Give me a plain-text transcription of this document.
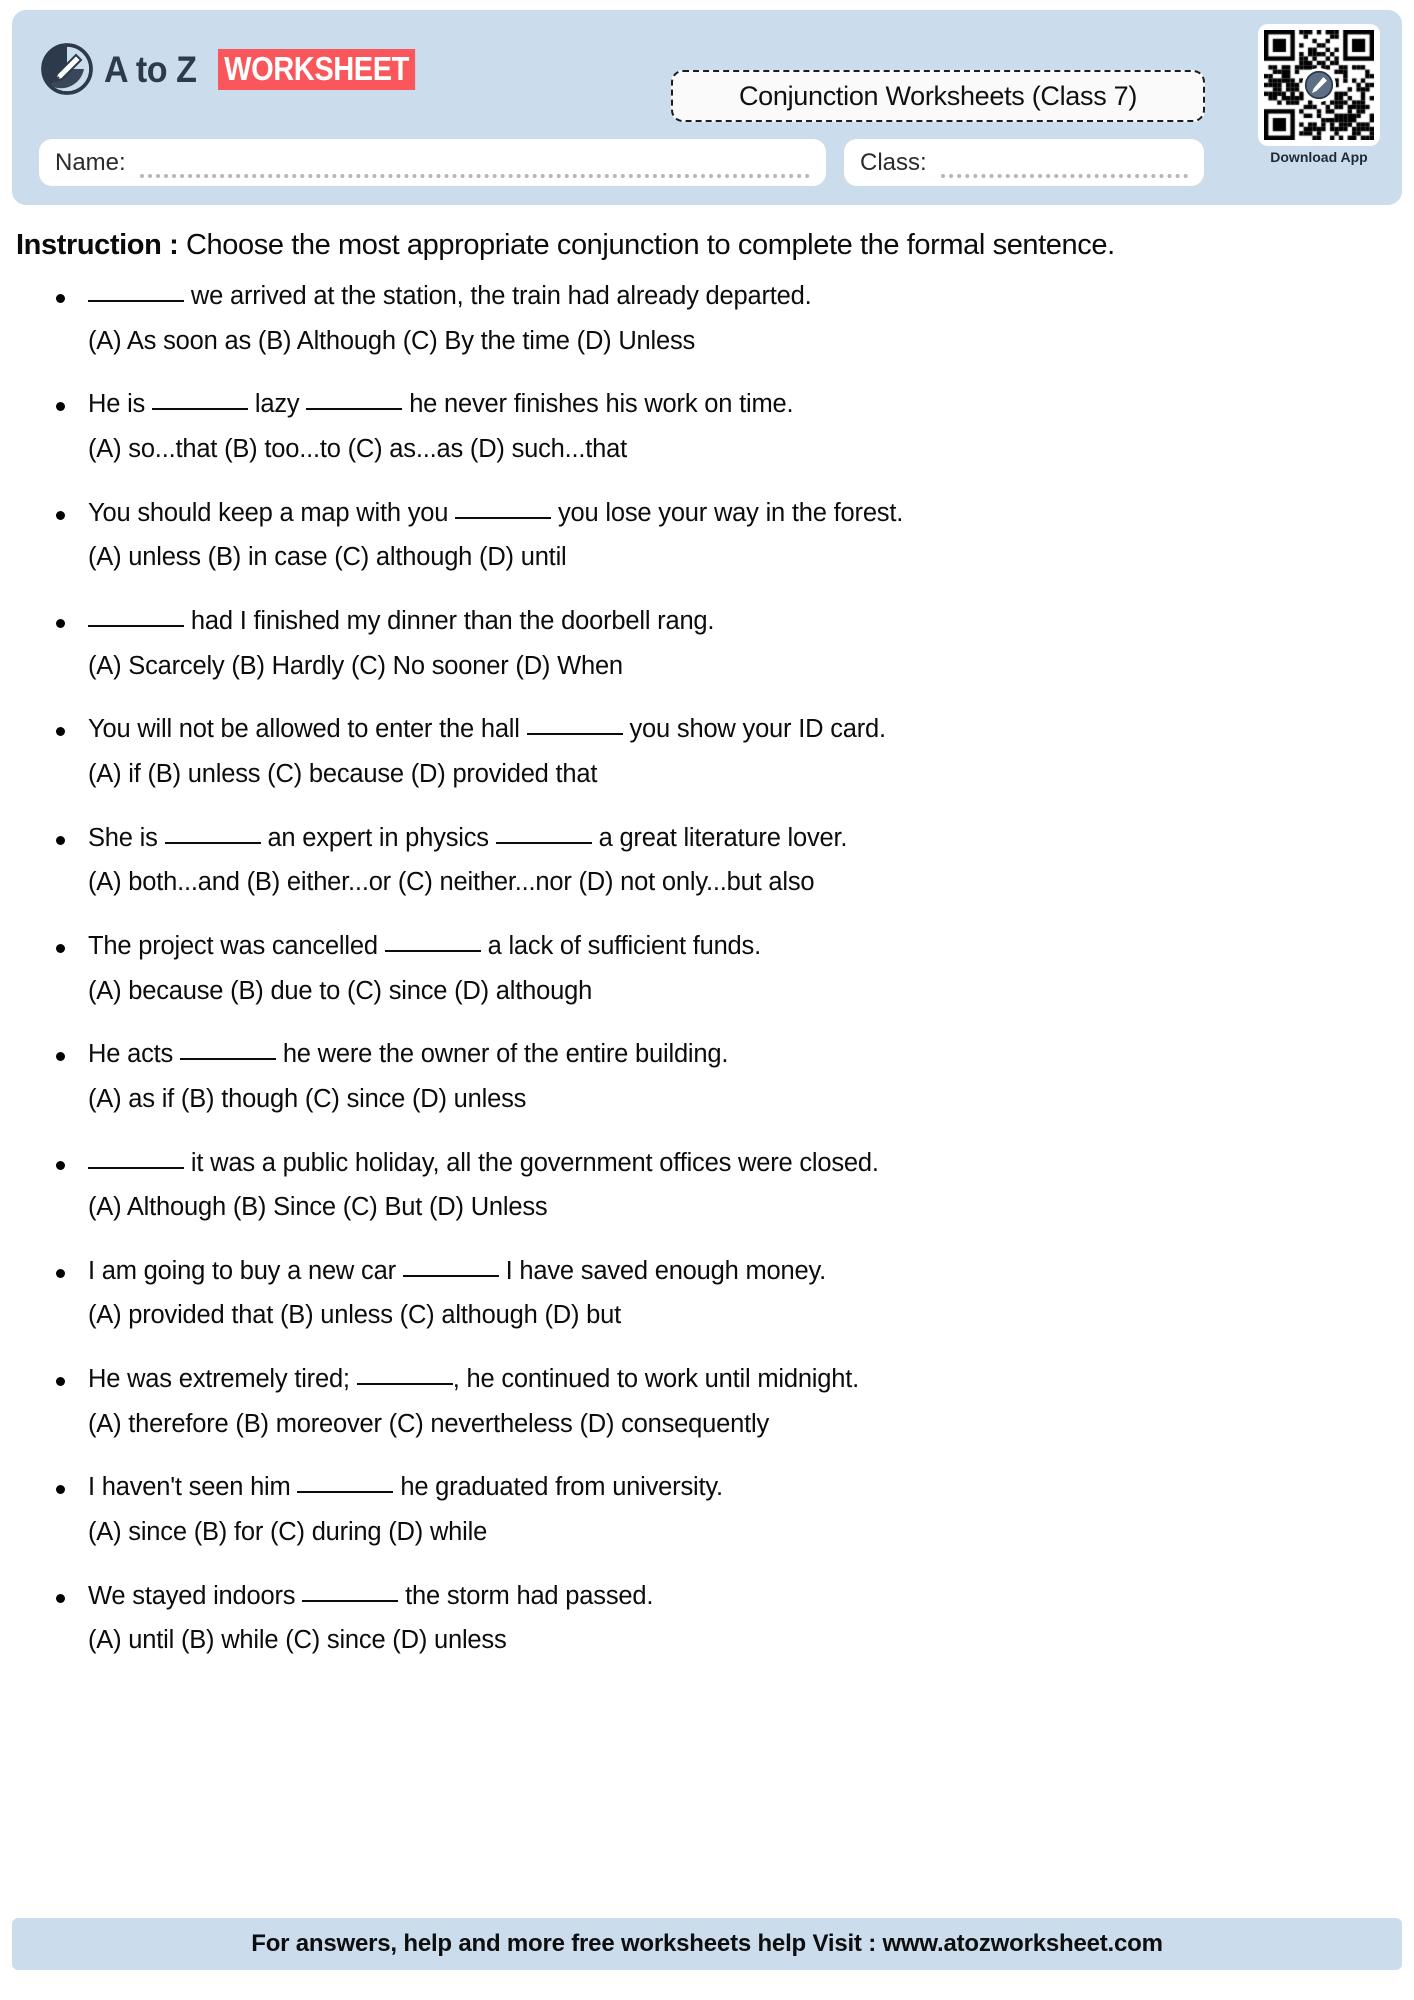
A to Z WORKSHEET
Conjunction Worksheets (Class 7)
Name:	Class:	Download App
Instruction : Choose the most appropriate conjunction to complete the formal sentence.
we arrived at the station, the train had already departed.
(A) As soon as (B) Although (C) By the time (D) Unless
He is	lazy	he never finishes his work on time.
(A) so...that (B) too...to (C) as...as (D) such...that
You should keep a map with you	you lose your way in the forest.
(A) unless (B) in case (C) although (D) until
had I finished my dinner than the doorbell rang.
(A) Scarcely (B) Hardly (C) No sooner (D) When
You will not be allowed to enter the hall	you show your ID card.
(A) if (B) unless (C) because (D) provided that
She is	an expert in physics	a great literature lover.
(A) both...and (B) either...or (C) neither...nor (D) not only...but also
The project was cancelled	a lack of sufficient funds.
(A) because (B) due to (C) since (D) although
He acts	he were the owner of the entire building.
(A) as if (B) though (C) since (D) unless
it was a public holiday, all the government offices were closed.
(A) Although (B) Since (C) But (D) Unless
I am going to buy a new car	I have saved enough money.
(A) provided that (B) unless (C) although (D) but
He was extremely tired;	, he continued to work until midnight.
(A) therefore (B) moreover (C) nevertheless (D) consequently
I haven't seen him	he graduated from university.
(A) since (B) for (C) during (D) while
We stayed indoors	the storm had passed.
(A) until (B) while (C) since (D) unless
For answers, help and more free worksheets help Visit : www.atozworksheet.com
